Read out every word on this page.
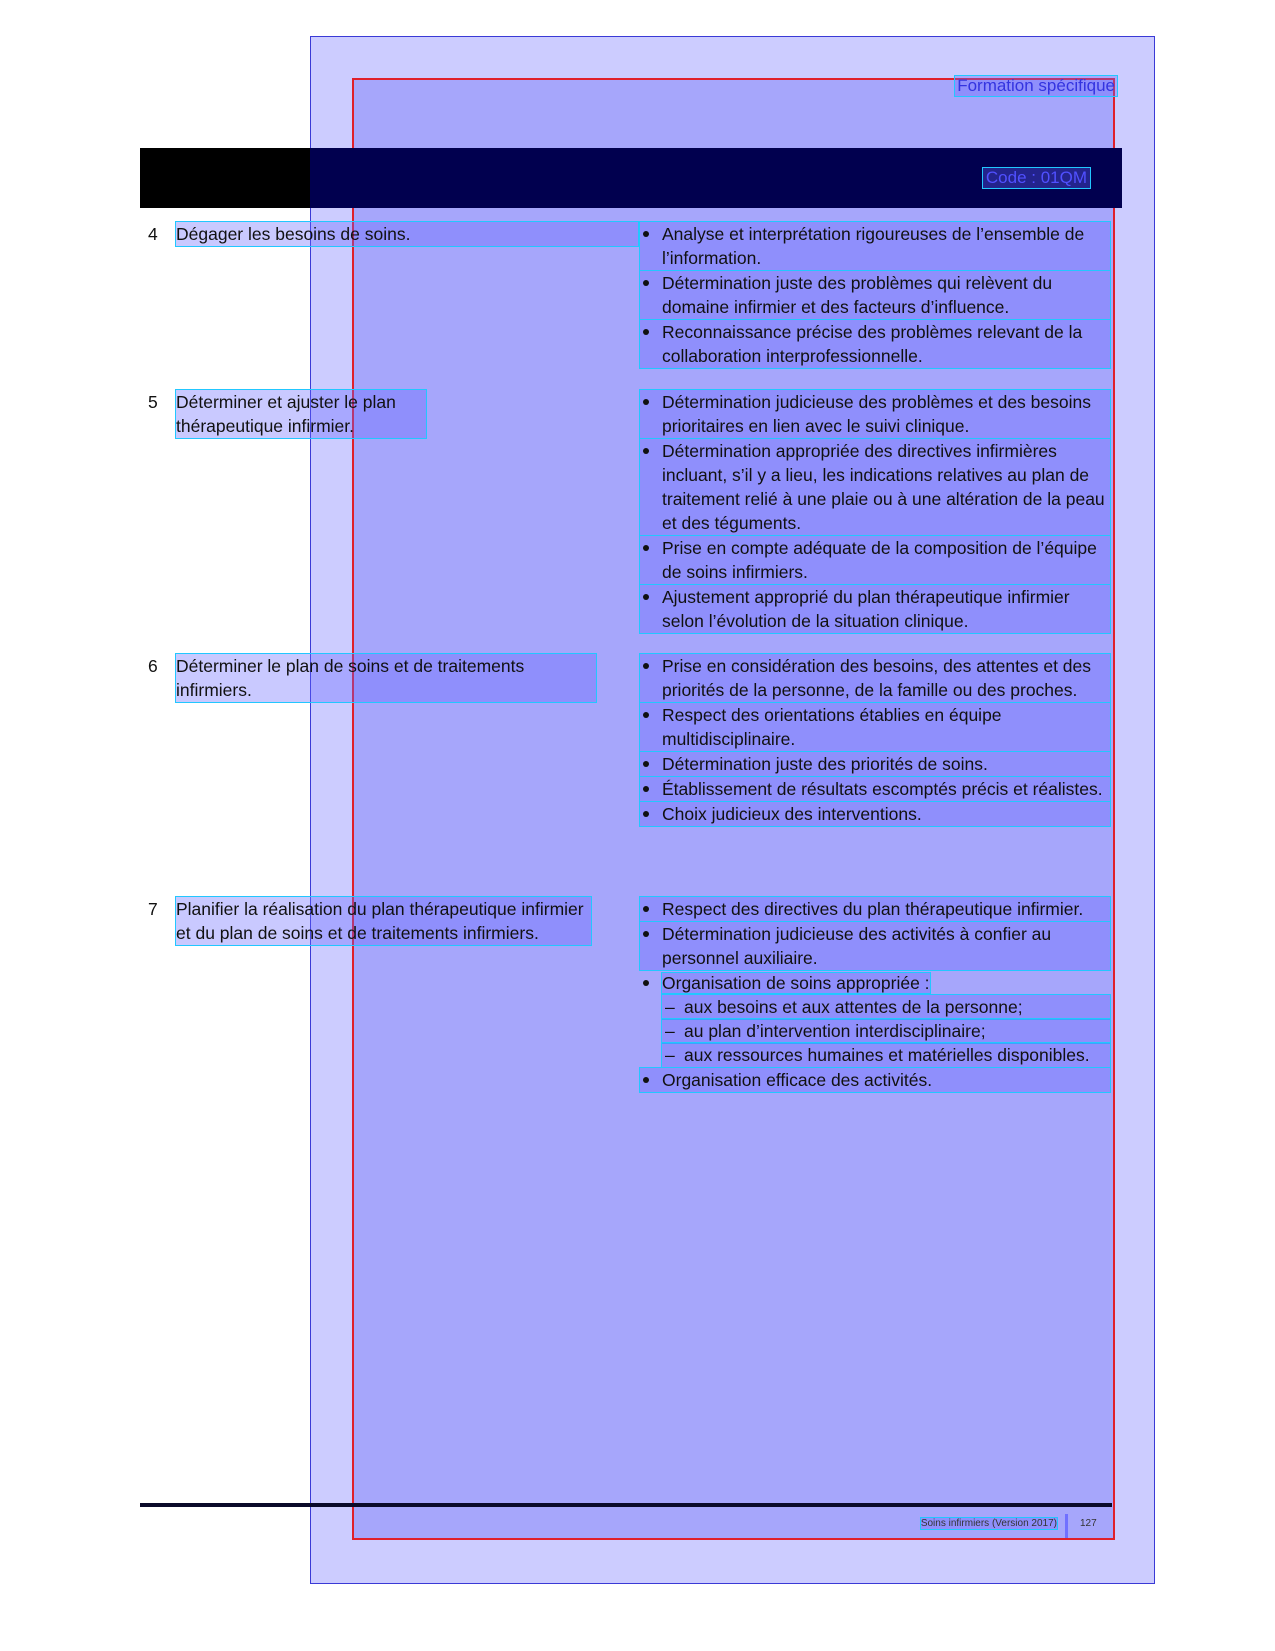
Formation spécifique
Code : 01QM
4	Dégager les besoins de soins.	Analyse et interprétation rigoureuses de l’ensemble de l’information.
Détermination juste des problèmes qui relèvent du domaine infirmier et des facteurs d’influence.
Reconnaissance précise des problèmes relevant de la collaboration interprofessionnelle.
5	Déterminer et ajuster le plan thérapeutique infirmier.
Détermination judicieuse des problèmes et des besoins prioritaires en lien avec le suivi clinique.
Détermination appropriée des directives infirmières incluant, s’il y a lieu, les indications relatives au plan de traitement relié à une plaie ou à une altération de la peau et des téguments.
Prise en compte adéquate de la composition de l’équipe de soins infirmiers.
Ajustement approprié du plan thérapeutique infirmier selon l’évolution de la situation clinique.
6	Déterminer le plan de soins et de traitements infirmiers.
Prise en considération des besoins, des attentes et des priorités de la personne, de la famille ou des proches.
Respect des orientations établies en équipe multidisciplinaire.
Détermination juste des priorités de soins.
Établissement de résultats escomptés précis et réalistes.
Choix judicieux des interventions.
7	Planifier la réalisation du plan thérapeutique infirmier et du plan de soins et de traitements infirmiers.
Respect des directives du plan thérapeutique infirmier.
Détermination judicieuse des activités à confier au personnel auxiliaire.
Organisation de soins appropriée :
– aux besoins et aux attentes de la personne;
– au plan d’intervention interdisciplinaire;
– aux ressources humaines et matérielles disponibles.
Organisation efficace des activités.
Soins infirmiers (Version 2017) 127
